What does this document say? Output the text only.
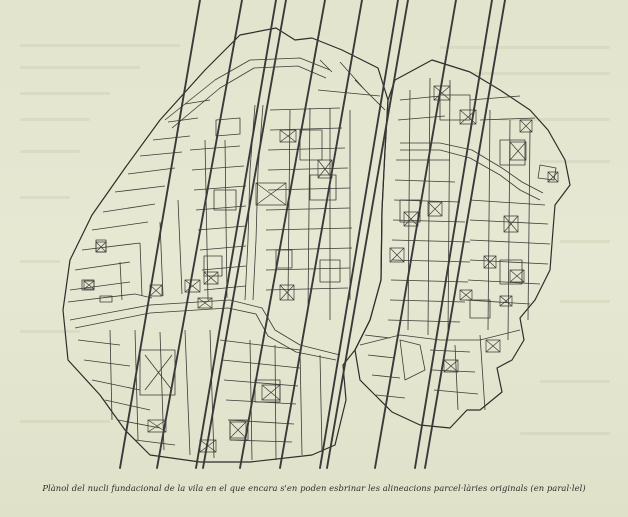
Plànol del nucli fundacional de la vila en el que encara s'en poden esbrinar les alineacions parcel·làries originals (en paral·lel)
